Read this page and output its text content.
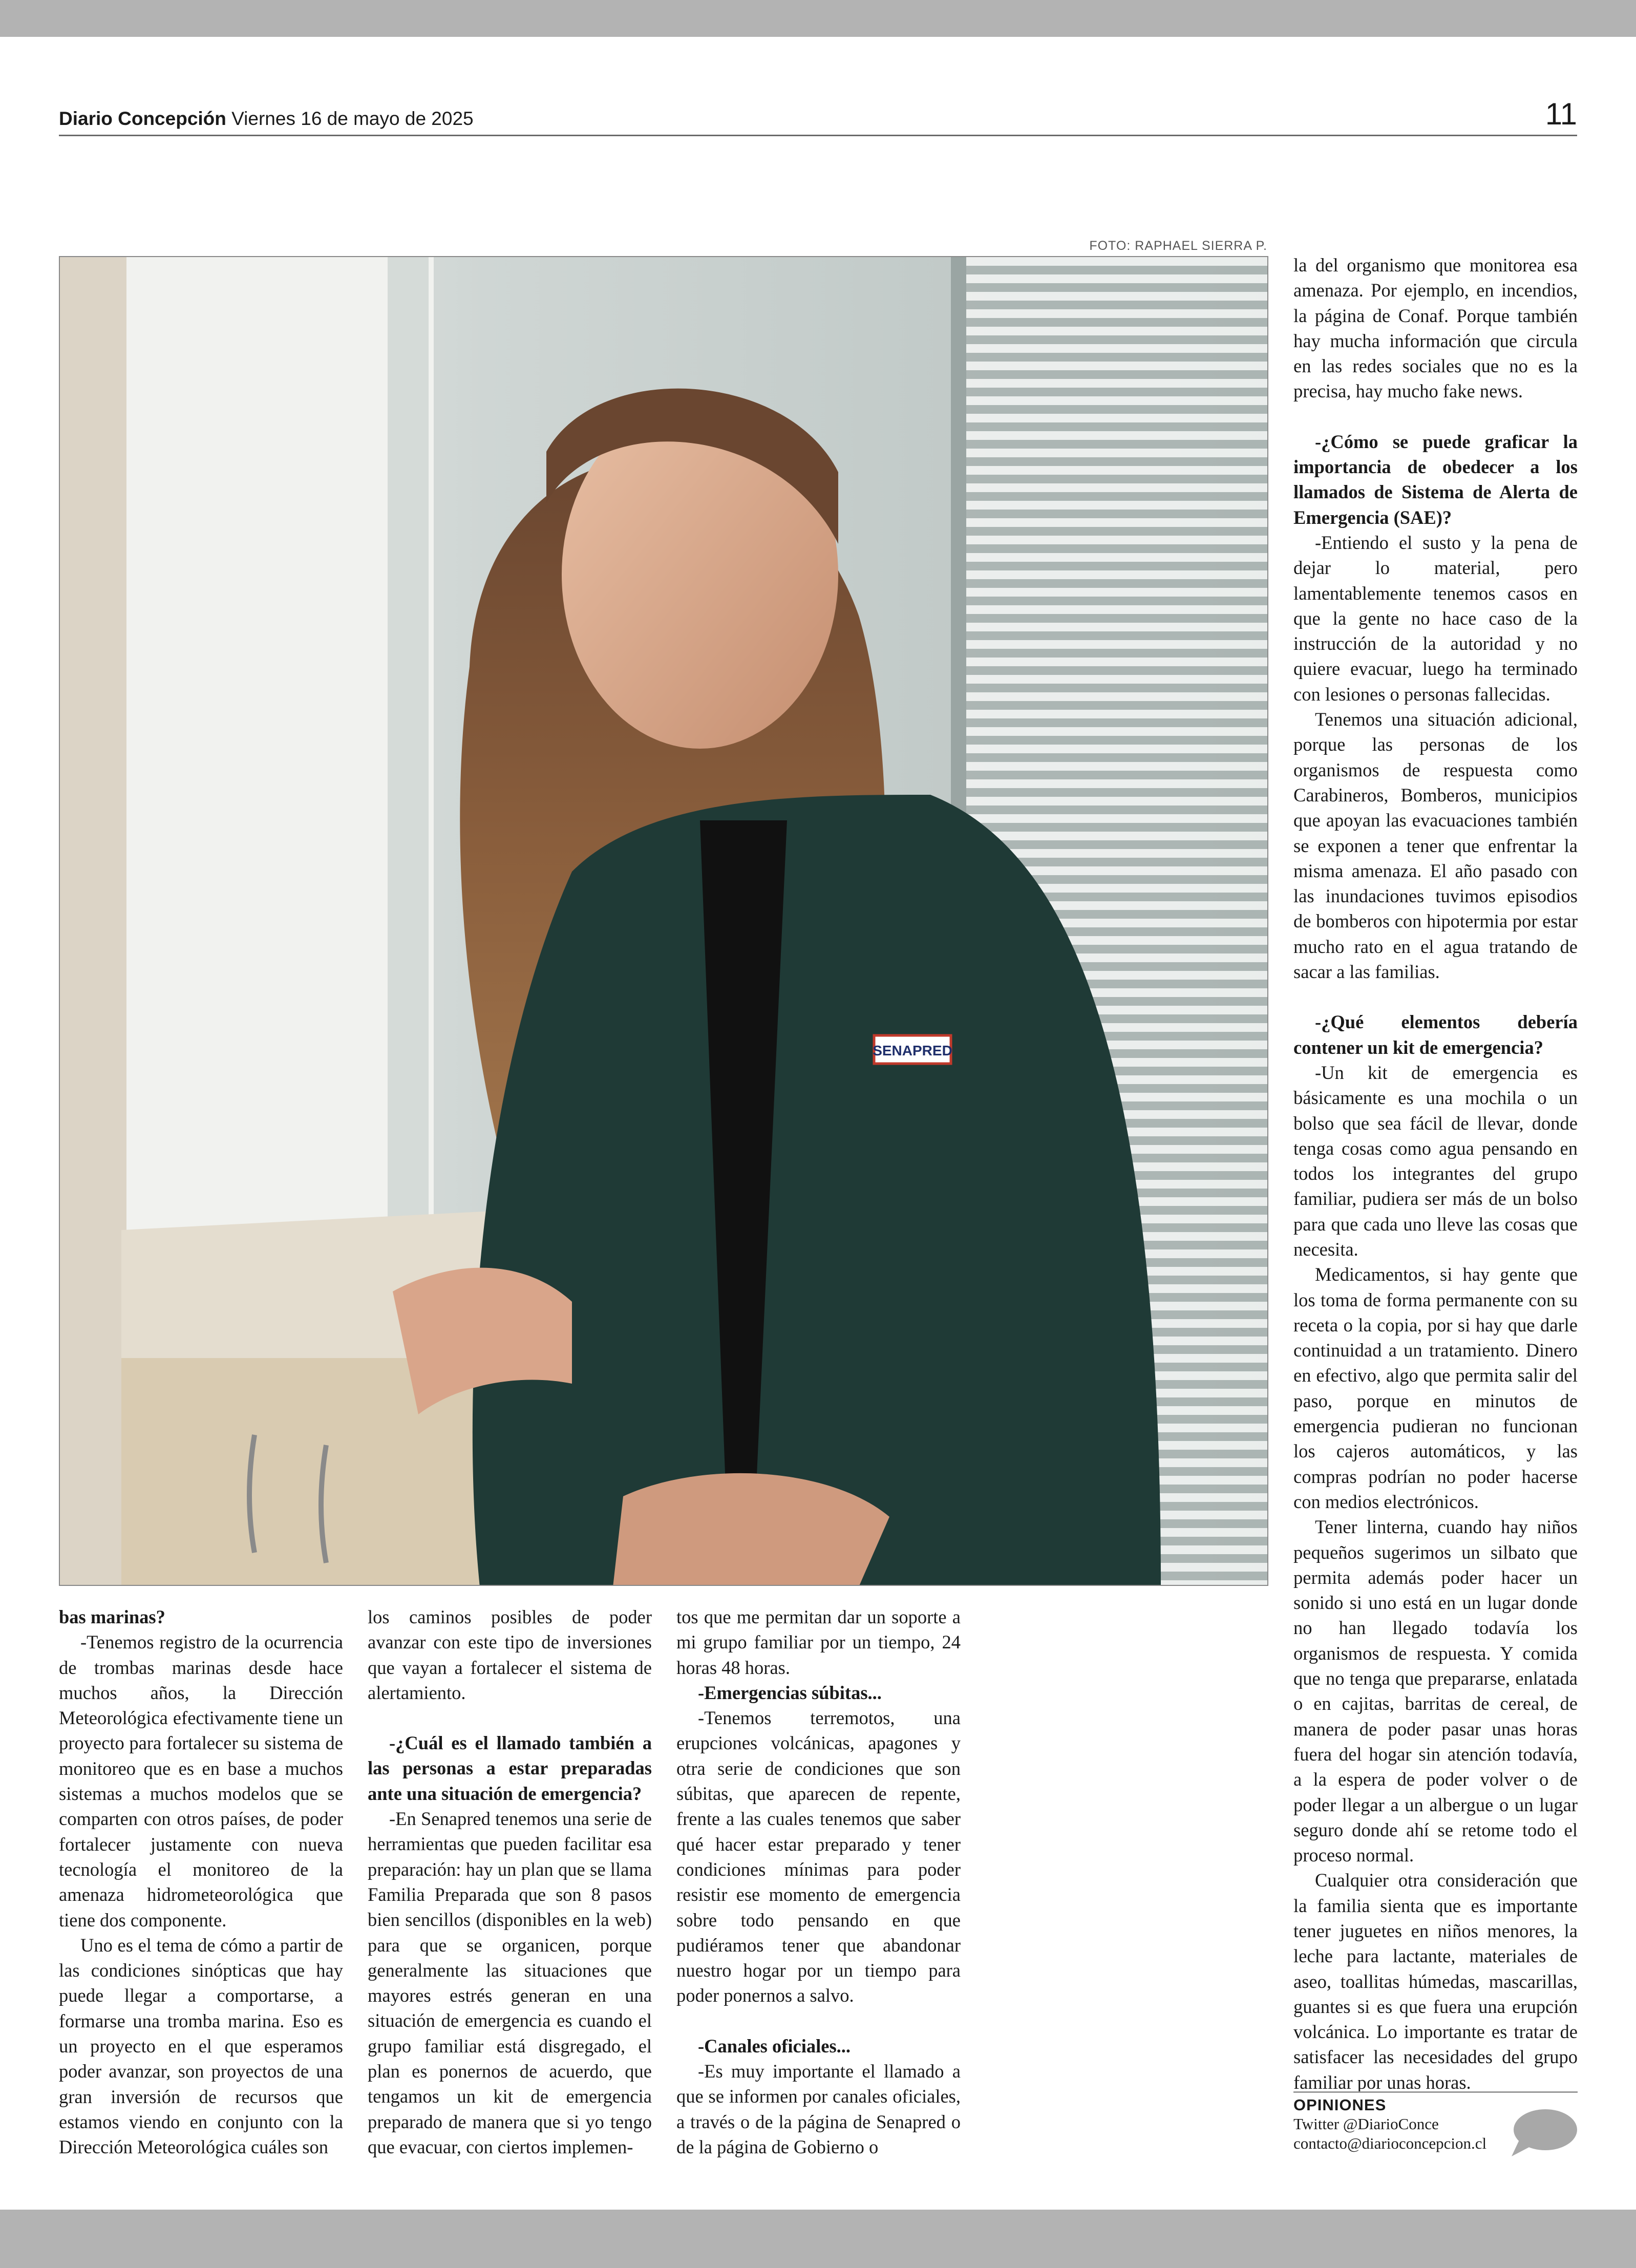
Diario Concepción Viernes 16 de mayo de 2025	11
FOTO: RAPHAEL SIERRA P.
SENAPRED

bas marinas?

-Tenemos registro de la ocurrencia de trombas marinas desde hace muchos años, la Dirección Meteorológica efectivamente tiene un proyecto para fortalecer su sistema de monitoreo que es en base a muchos sistemas a muchos modelos que se comparten con otros países, de poder fortalecer justamente con nueva tecnología el monitoreo de la amenaza hidrometeorológica que tiene dos componente.

Uno es el tema de cómo a partir de las condiciones sinópticas que hay puede llegar a comportarse, a formarse una tromba marina. Eso es un proyecto en el que esperamos poder avanzar, son proyectos de una gran inversión de recursos que estamos viendo en conjunto con la Dirección Meteorológica cuáles son

los caminos posibles de poder avanzar con este tipo de inversiones que vayan a fortalecer el sistema de alertamiento.

-¿Cuál es el llamado también a las personas a estar preparadas ante una situación de emergencia?

-En Senapred tenemos una serie de herramientas que pueden facilitar esa preparación: hay un plan que se llama Familia Preparada que son 8 pasos bien sencillos (disponibles en la web) para que se organicen, porque generalmente las situaciones que mayores estrés generan en una situación de emergencia es cuando el grupo familiar está disgregado, el plan es ponernos de acuerdo, que tengamos un kit de emergencia preparado de manera que si yo tengo que evacuar, con ciertos implemen-

tos que me permitan dar un soporte a mi grupo familiar por un tiempo, 24 horas 48 horas.

-Emergencias súbitas...

-Tenemos terremotos, una erupciones volcánicas, apagones y otra serie de condiciones que son súbitas, que aparecen de repente, frente a las cuales tenemos que saber qué hacer estar preparado y tener condiciones mínimas para poder resistir ese momento de emergencia sobre todo pensando en que pudiéramos tener que abandonar nuestro hogar por un tiempo para poder ponernos a salvo.

-Canales oficiales...

-Es muy importante el llamado a que se informen por canales oficiales, a través o de la página de Senapred o de la página de Gobierno o

la del organismo que monitorea esa amenaza. Por ejemplo, en incendios, la página de Conaf. Porque también hay mucha información que circula en las redes sociales que no es la precisa, hay mucho fake news.

-¿Cómo se puede graficar la importancia de obedecer a los llamados de Sistema de Alerta de Emergencia (SAE)?

-Entiendo el susto y la pena de dejar lo material, pero lamentablemente tenemos casos en que la gente no hace caso de la instrucción de la autoridad y no quiere evacuar, luego ha terminado con lesiones o personas fallecidas.

Tenemos una situación adicional, porque las personas de los organismos de respuesta como Carabineros, Bomberos, municipios que apoyan las evacuaciones también se exponen a tener que enfrentar la misma amenaza. El año pasado con las inundaciones tuvimos episodios de bomberos con hipotermia por estar mucho rato en el agua tratando de sacar a las familias.

-¿Qué elementos debería contener un kit de emergencia?

-Un kit de emergencia es básicamente es una mochila o un bolso que sea fácil de llevar, donde tenga cosas como agua pensando en todos los integrantes del grupo familiar, pudiera ser más de un bolso para que cada uno lleve las cosas que necesita.

Medicamentos, si hay gente que los toma de forma permanente con su receta o la copia, por si hay que darle continuidad a un tratamiento. Dinero en efectivo, algo que permita salir del paso, porque en minutos de emergencia pudieran no funcionan los cajeros automáticos, y las compras podrían no poder hacerse con medios electrónicos.

Tener linterna, cuando hay niños pequeños sugerimos un silbato que permita además poder hacer un sonido si uno está en un lugar donde no han llegado todavía los organismos de respuesta. Y comida que no tenga que prepararse, enlatada o en cajitas, barritas de cereal, de manera de poder pasar unas horas fuera del hogar sin atención todavía, a la espera de poder volver o de poder llegar a un albergue o un lugar seguro donde ahí se retome todo el proceso normal.

Cualquier otra consideración que la familia sienta que es importante tener juguetes en niños menores, la leche para lactante, materiales de aseo, toallitas húmedas, mascarillas, guantes si es que fuera una erupción volcánica. Lo importante es tratar de satisfacer las necesidades del grupo familiar por unas horas.

OPINIONES
Twitter @DiarioConce
contacto@diarioconcepcion.cl
